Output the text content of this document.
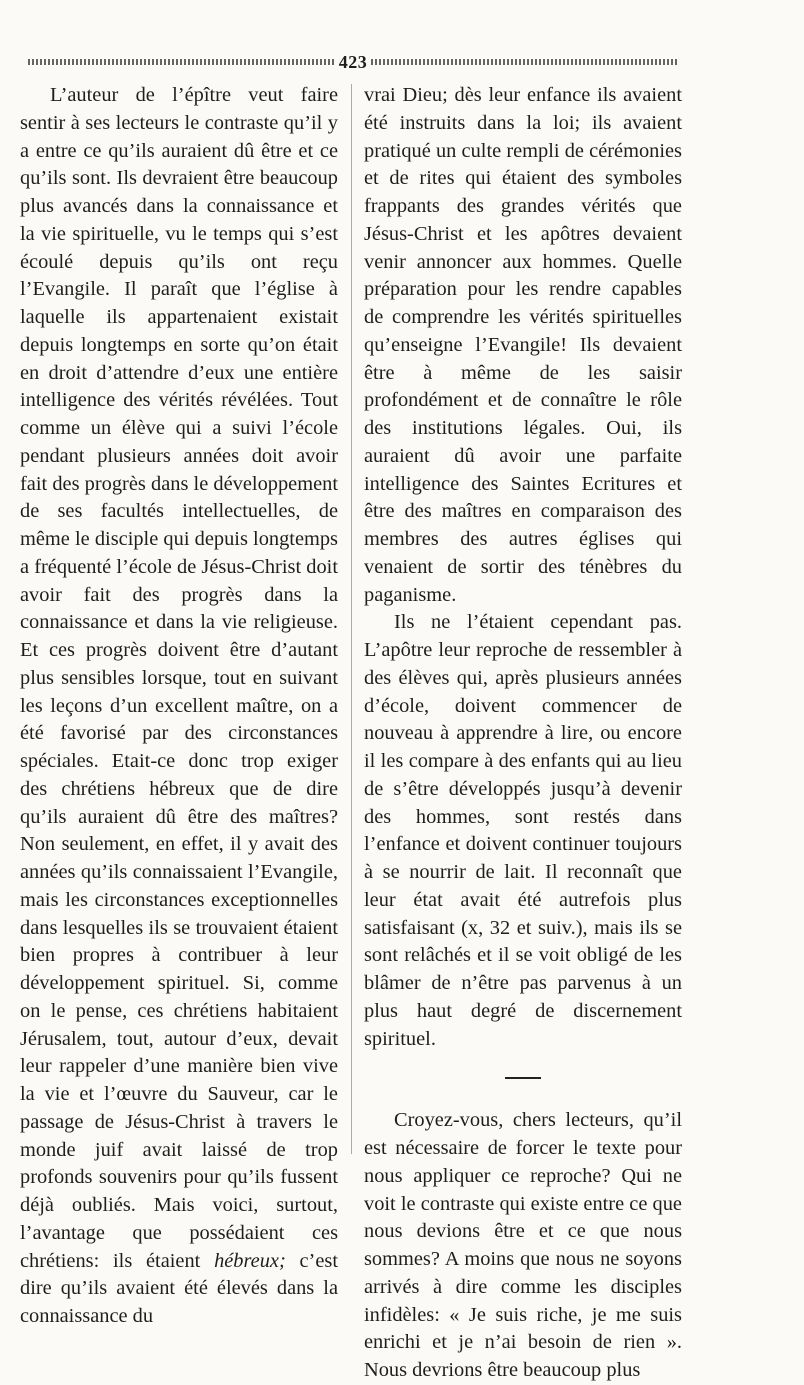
423

L’auteur de l’épître veut faire sentir à ses lecteurs le contraste qu’il y a entre ce qu’ils auraient dû être et ce qu’ils sont. Ils devraient être beaucoup plus avancés dans la connaissance et la vie spirituelle, vu le temps qui s’est écoulé depuis qu’ils ont reçu l’Evangile. Il paraît que l’église à laquelle ils appartenaient existait depuis longtemps en sorte qu’on était en droit d’attendre d’eux une entière intelligence des vérités révélées. Tout comme un élève qui a suivi l’école pendant plusieurs années doit avoir fait des progrès dans le développement de ses facultés intellectuelles, de même le disciple qui depuis longtemps a fréquenté l’école de Jésus-Christ doit avoir fait des progrès dans la connaissance et dans la vie religieuse. Et ces progrès doivent être d’autant plus sensibles lorsque, tout en suivant les leçons d’un excellent maître, on a été favorisé par des circonstances spéciales. Etait-ce donc trop exiger des chrétiens hébreux que de dire qu’ils auraient dû être des maîtres? Non seulement, en effet, il y avait des années qu’ils connaissaient l’Evangile, mais les circonstances exceptionnelles dans lesquelles ils se trouvaient étaient bien propres à contribuer à leur développement spirituel. Si, comme on le pense, ces chrétiens habitaient Jérusalem, tout, autour d’eux, devait leur rappeler d’une manière bien vive la vie et l’œuvre du Sauveur, car le passage de Jésus-Christ à travers le monde juif avait laissé de trop profonds souvenirs pour qu’ils fussent déjà oubliés. Mais voici, surtout, l’avantage que possédaient ces chrétiens: ils étaient hébreux; c’est dire qu’ils avaient été élevés dans la connaissance du

vrai Dieu; dès leur enfance ils avaient été instruits dans la loi; ils avaient pratiqué un culte rempli de cérémonies et de rites qui étaient des symboles frappants des grandes vérités que Jésus-Christ et les apôtres devaient venir annoncer aux hommes. Quelle préparation pour les rendre capables de comprendre les vérités spirituelles qu’enseigne l’Evangile! Ils devaient être à même de les saisir profondément et de connaître le rôle des institutions légales. Oui, ils auraient dû avoir une parfaite intelligence des Saintes Ecritures et être des maîtres en comparaison des membres des autres églises qui venaient de sortir des ténèbres du paganisme.

Ils ne l’étaient cependant pas. L’apôtre leur reproche de ressembler à des élèves qui, après plusieurs années d’école, doivent commencer de nouveau à apprendre à lire, ou encore il les compare à des enfants qui au lieu de s’être développés jusqu’à devenir des hommes, sont restés dans l’enfance et doivent continuer toujours à se nourrir de lait. Il reconnaît que leur état avait été autrefois plus satisfaisant (x, 32 et suiv.), mais ils se sont relâchés et il se voit obligé de les blâmer de n’être pas parvenus à un plus haut degré de discernement spirituel.

Croyez-vous, chers lecteurs, qu’il est nécessaire de forcer le texte pour nous appliquer ce reproche? Qui ne voit le contraste qui existe entre ce que nous devions être et ce que nous sommes? A moins que nous ne soyons arrivés à dire comme les disciples infidèles: « Je suis riche, je me suis enrichi et je n’ai besoin de rien ». Nous devrions être beaucoup plus
